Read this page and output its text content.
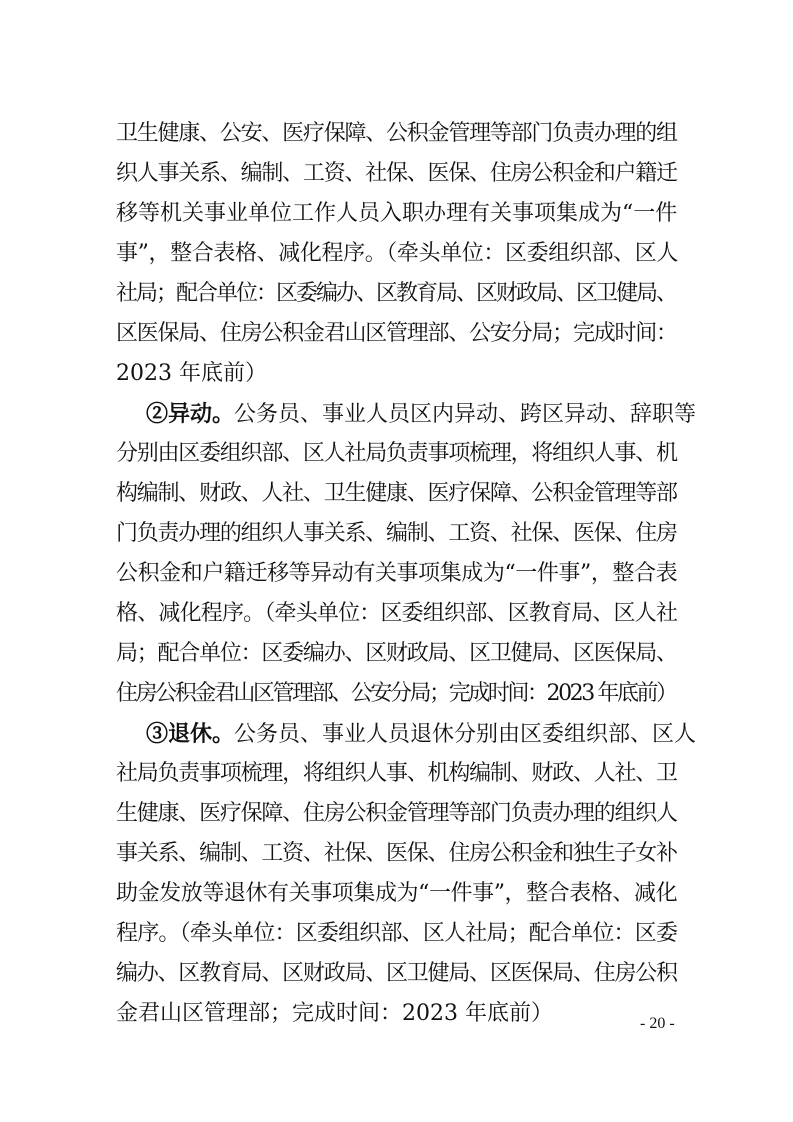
卫生健康、公安、医疗保障、公积金管理等部门负责办理的组
织人事关系、编制、工资、社保、医保、住房公积金和户籍迁
移等机关事业单位工作人员入职办理有关事项集成为“一件
事”，整合表格、减化程序。（牵头单位：区委组织部、区人
社局；配合单位：区委编办、区教育局、区财政局、区卫健局、
区医保局、住房公积金君山区管理部、公安分局；完成时间：
2023 年底前）
②异动。公务员、事业人员区内异动、跨区异动、辞职等
分别由区委组织部、区人社局负责事项梳理，将组织人事、机
构编制、财政、人社、卫生健康、医疗保障、公积金管理等部
门负责办理的组织人事关系、编制、工资、社保、医保、住房
公积金和户籍迁移等异动有关事项集成为“一件事”，整合表
格、减化程序。（牵头单位：区委组织部、区教育局、区人社
局；配合单位：区委编办、区财政局、区卫健局、区医保局、
住房公积金君山区管理部、公安分局；完成时间：2023 年底前）
③退休。公务员、事业人员退休分别由区委组织部、区人
社局负责事项梳理，将组织人事、机构编制、财政、人社、卫
生健康、医疗保障、住房公积金管理等部门负责办理的组织人
事关系、编制、工资、社保、医保、住房公积金和独生子女补
助金发放等退休有关事项集成为“一件事”，整合表格、减化
程序。（牵头单位：区委组织部、区人社局；配合单位：区委
编办、区教育局、区财政局、区卫健局、区医保局、住房公积
金君山区管理部；完成时间：2023 年底前）	- 20 -
